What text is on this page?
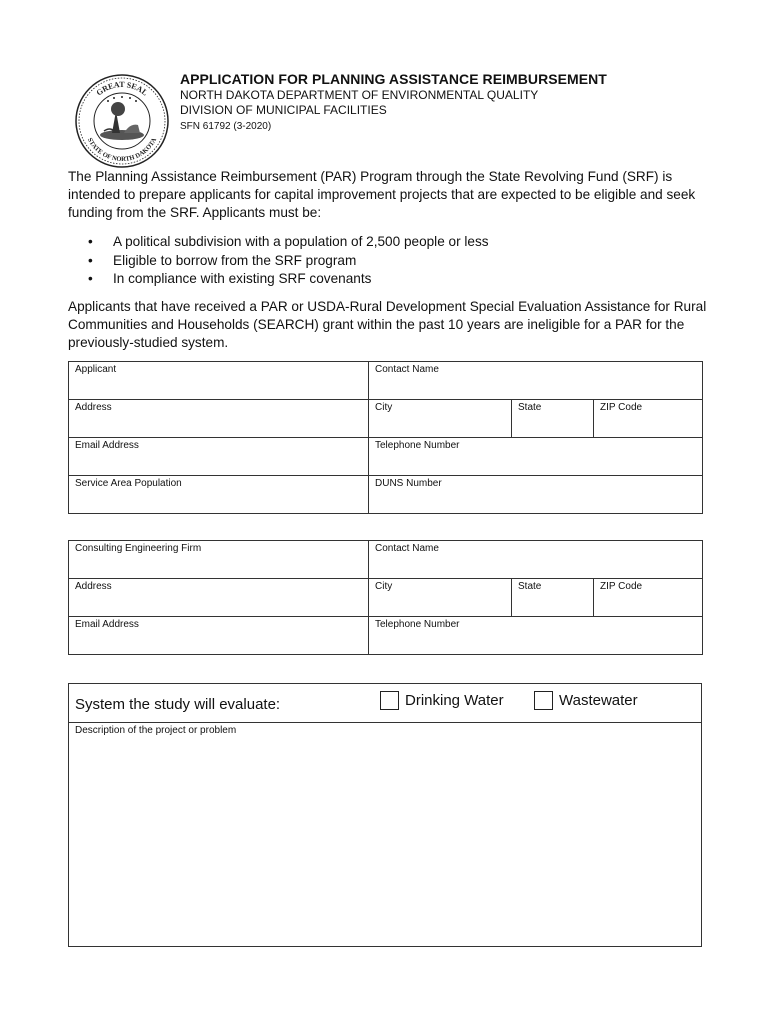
GREAT SEAL
STATE OF NORTH DAKOTA
APPLICATION FOR PLANNING ASSISTANCE REIMBURSEMENT
NORTH DAKOTA DEPARTMENT OF ENVIRONMENTAL QUALITY
DIVISION OF MUNICIPAL FACILITIES
SFN 61792 (3-2020)
The Planning Assistance Reimbursement (PAR) Program through the State Revolving Fund (SRF) is intended to prepare applicants for capital improvement projects that are expected to be eligible and seek funding from the SRF. Applicants must be:
• A political subdivision with a population of 2,500 people or less
• Eligible to borrow from the SRF program
• In compliance with existing SRF covenants
Applicants that have received a PAR or USDA-Rural Development Special Evaluation Assistance for Rural Communities and Households (SEARCH) grant within the past 10 years are ineligible for a PAR for the previously-studied system.
Applicant	Contact Name		

Address	City	State	ZIP Code

Email Address	Telephone Number		

Service Area Population	DUNS Number		
Consulting Engineering Firm	Contact Name		

Address	City	State	ZIP Code

Email Address	Telephone Number		
System the study will evaluate:	Drinking Water	Wastewater
Description of the project or problem
